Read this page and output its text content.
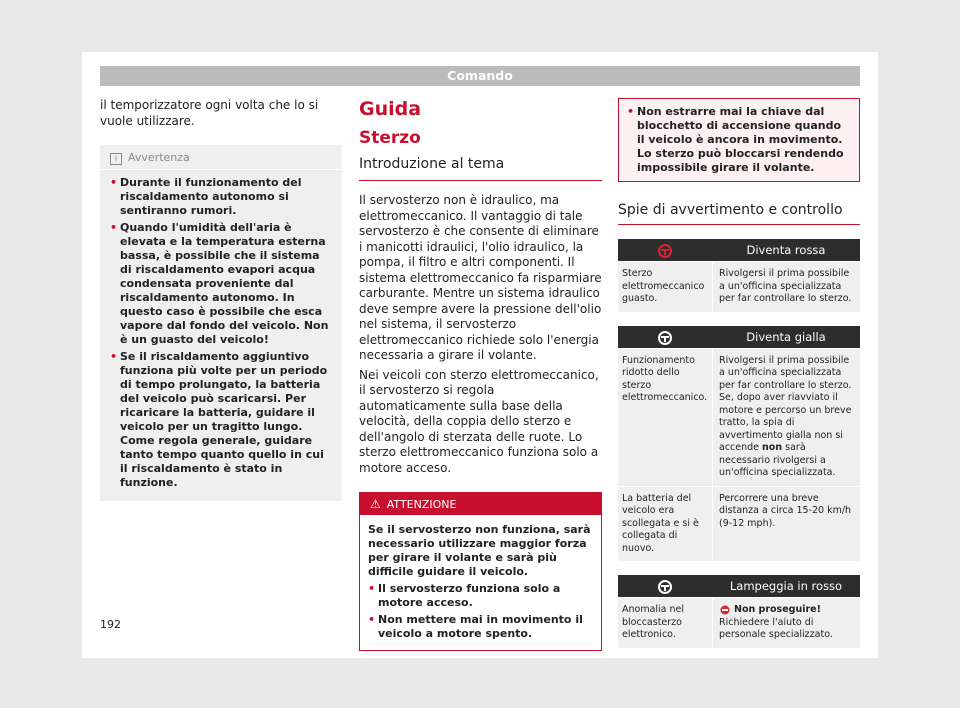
Comando

il temporizzatore ogni volta che lo si vuole utilizzare.

i Avvertenza
• Durante il funzionamento del riscaldamento autonomo si sentiranno rumori.
• Quando l'umidità dell'aria è elevata e la temperatura esterna bassa, è possibile che il sistema di riscaldamento evapori acqua condensata proveniente dal riscaldamento autonomo. In questo caso è possibile che esca vapore dal fondo del veicolo. Non è un guasto del veicolo!
• Se il riscaldamento aggiuntivo funziona più volte per un periodo di tempo prolungato, la batteria del veicolo può scaricarsi. Per ricaricare la batteria, guidare il veicolo per un tragitto lungo. Come regola generale, guidare tanto tempo quanto quello in cui il riscaldamento è stato in funzione.
Guida
Sterzo
Introduzione al tema

Il servosterzo non è idraulico, ma elettromeccanico. Il vantaggio di tale servosterzo è che consente di eliminare i manicotti idraulici, l'olio idraulico, la pompa, il filtro e altri componenti. Il sistema elettromeccanico fa risparmiare carburante. Mentre un sistema idraulico deve sempre avere la pressione dell'olio nel sistema, il servosterzo elettromeccanico richiede solo l'energia necessaria a girare il volante.

Nei veicoli con sterzo elettromeccanico, il servosterzo si regola automaticamente sulla base della velocità, della coppia dello sterzo e dell'angolo di sterzata delle ruote. Lo sterzo elettromeccanico funziona solo a motore acceso.

⚠ ATTENZIONE

Se il servosterzo non funziona, sarà necessario utilizzare maggior forza per girare il volante e sarà più difficile guidare il veicolo.

• Il servosterzo funziona solo a motore acceso.
• Non mettere mai in movimento il veicolo a motore spento.
• Non estrarre mai la chiave dal blocchetto di accensione quando il veicolo è ancora in movimento. Lo sterzo può bloccarsi rendendo impossibile girare il volante.
Spie di avvertimento e controllo
Diventa rossa
Sterzo elettromeccanico guasto.
Rivolgersi il prima possibile a un'officina specializzata per far controllare lo sterzo.
Diventa gialla
Funzionamento ridotto dello sterzo elettromeccanico.
Rivolgersi il prima possibile a un'officina specializzata per far controllare lo sterzo.
Se, dopo aver riavviato il motore e percorso un breve tratto, la spia di avvertimento gialla non si accende non sarà necessario rivolgersi a un'officina specializzata.
La batteria del veicolo era scollegata e si è collegata di nuovo.
Percorrere una breve distanza a circa 15-20 km/h (9-12 mph).
Lampeggia in rosso
Anomalia nel bloccasterzo elettronico.
Non proseguire!
Richiedere l'aiuto di personale specializzato.
192
